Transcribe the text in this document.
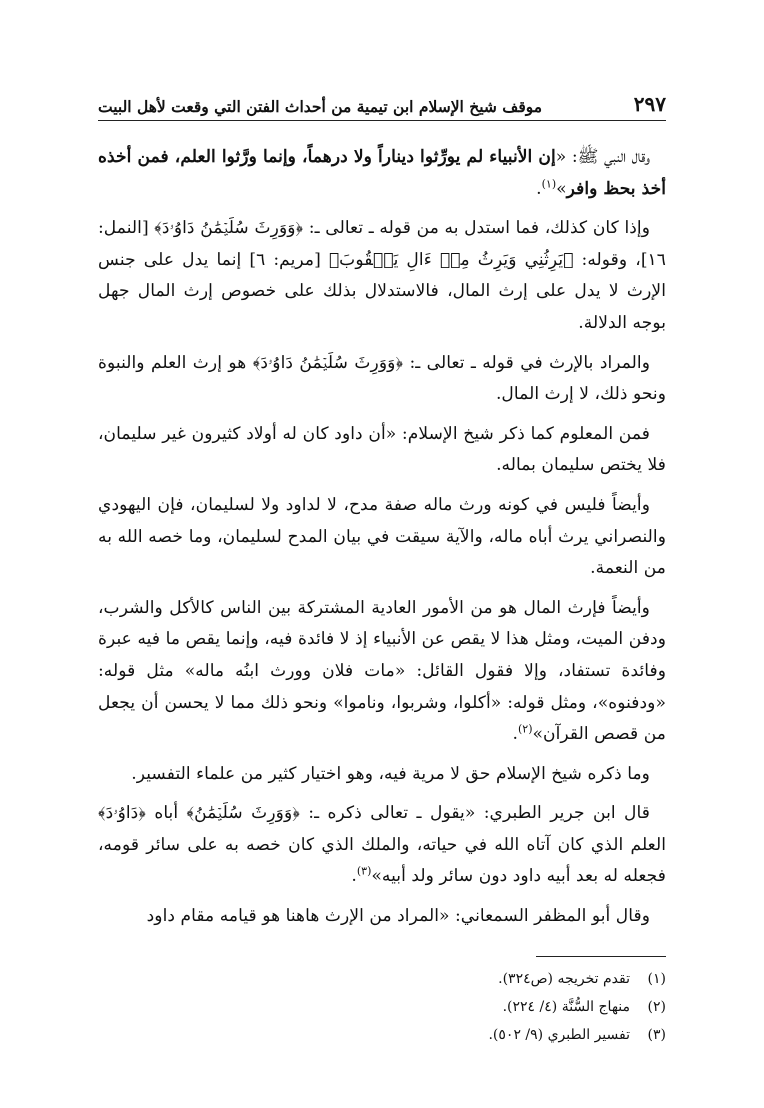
موقف شيخ الإسلام ابن تيمية من أحداث الفتن التي وقعت لأهل البيت	٢٩٧

وقال النبي ﷺ: «إن الأنبياء لم يورِّثوا ديناراً ولا درهماً، وإنما ورَّثوا العلم، فمن أخذه أخذ بحظ وافر»$^{(١)}$.

وإذا كان كذلك، فما استدل به من قوله ـ تعالى ـ: ﴿وَوَرِثَ سُلَيۡمَٰنُ دَاوُۥدَ﴾ [النمل: ١٦]، وقوله: ﴿يَرِثُنِي وَيَرِثُ مِنۡ ءَالِ يَعۡقُوبَ﴾ [مريم: ٦] إنما يدل على جنس الإرث لا يدل على إرث المال، فالاستدلال بذلك على خصوص إرث المال جهل بوجه الدلالة.

والمراد بالإرث في قوله ـ تعالى ـ: ﴿وَوَرِثَ سُلَيۡمَٰنُ دَاوُۥدَ﴾ هو إرث العلم والنبوة ونحو ذلك، لا إرث المال.

فمن المعلوم كما ذكر شيخ الإسلام: «أن داود كان له أولاد كثيرون غير سليمان، فلا يختص سليمان بماله.

وأيضاً فليس في كونه ورث ماله صفة مدح، لا لداود ولا لسليمان، فإن اليهودي والنصراني يرث أباه ماله، والآية سيقت في بيان المدح لسليمان، وما خصه الله به من النعمة.

وأيضاً فإرث المال هو من الأمور العادية المشتركة بين الناس كالأكل والشرب، ودفن الميت، ومثل هذا لا يقص عن الأنبياء إذ لا فائدة فيه، وإنما يقص ما فيه عبرة وفائدة تستفاد، وإلا فقول القائل: «مات فلان وورث ابنُه ماله» مثل قوله: «ودفنوه»، ومثل قوله: «أكلوا، وشربوا، وناموا» ونحو ذلك مما لا يحسن أن يجعل من قصص القرآن»$^{(٢)}$.

وما ذكره شيخ الإسلام حق لا مرية فيه، وهو اختيار كثير من علماء التفسير.

قال ابن جرير الطبري: «يقول ـ تعالى ذكره ـ: ﴿وَوَرِثَ سُلَيۡمَٰنُ﴾ أباه ﴿دَاوُۥدَ﴾ العلم الذي كان آتاه الله في حياته، والملك الذي كان خصه به على سائر قومه، فجعله له بعد أبيه داود دون سائر ولد أبيه»$^{(٣)}$.

وقال أبو المظفر السمعاني: «المراد من الإرث هاهنا هو قيامه مقام داود

(١)تقدم تخريجه (ص٣٢٤).

(٢)منهاج السُّنَّة (٤/ ٢٢٤).

(٣)تفسير الطبري (٩/ ٥٠٢).
